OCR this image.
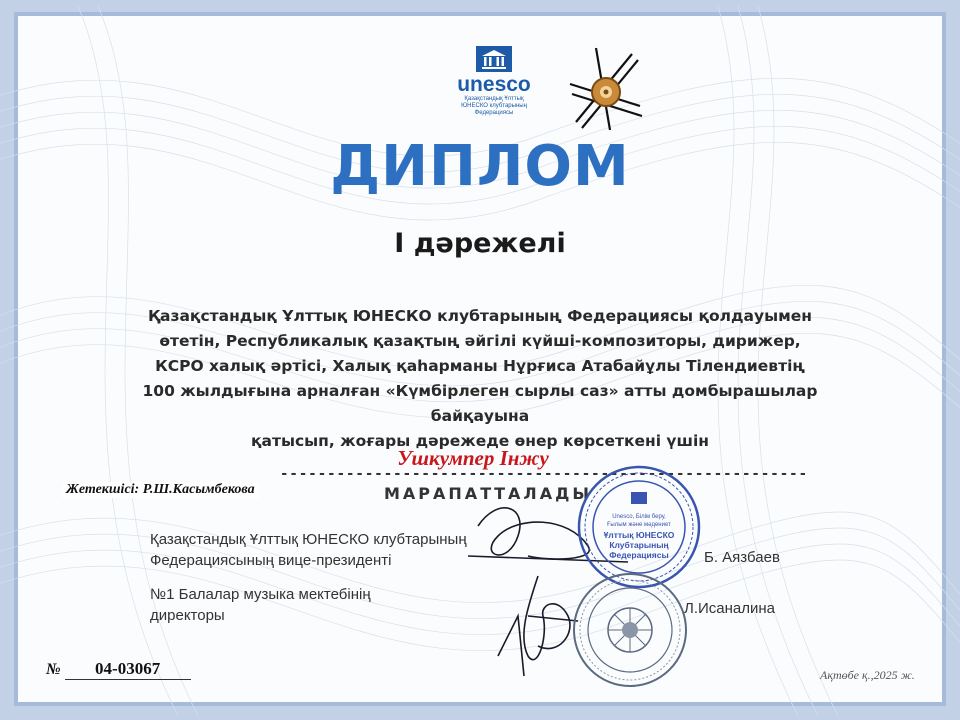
unesco
Қазақстандық Ұлттық
ЮНЕСКО клубтарының
Федерациясы
ДИПЛОМ
І дәрежелі
Қазақстандық Ұлттық ЮНЕСКО клубтарының Федерациясы қолдауымен
өтетін, Республикалық қазақтың әйгілі күйші-композиторы, дирижер,
КСРО халық әртісі, Халық қаһарманы Нұрғиса Атабайұлы Тілендиевтің
100 жылдығына арналған «Күмбірлеген сырлы саз» атты домбырашылар байқауына
қатысып, жоғары дәрежеде өнер көрсеткені үшін
Ушкумпер Інжу
--------------------------------------------------------
МАРАПАТТАЛАДЫ
Жетекшісі: Р.Ш.Касымбекова
Қазақстандық Ұлттық ЮНЕСКО клубтарының
Федерациясының вице-президенті	Б. Аязбаев
№1 Балалар музыка мектебінің
директоры	Л.Исаналина
Unesco, Білім беру,
Ғылым және мәдениет
Ұлттық ЮНЕСКО
Клубтарының
Федерациясы
№ 04-03067	Ақтөбе қ.,2025 ж.
